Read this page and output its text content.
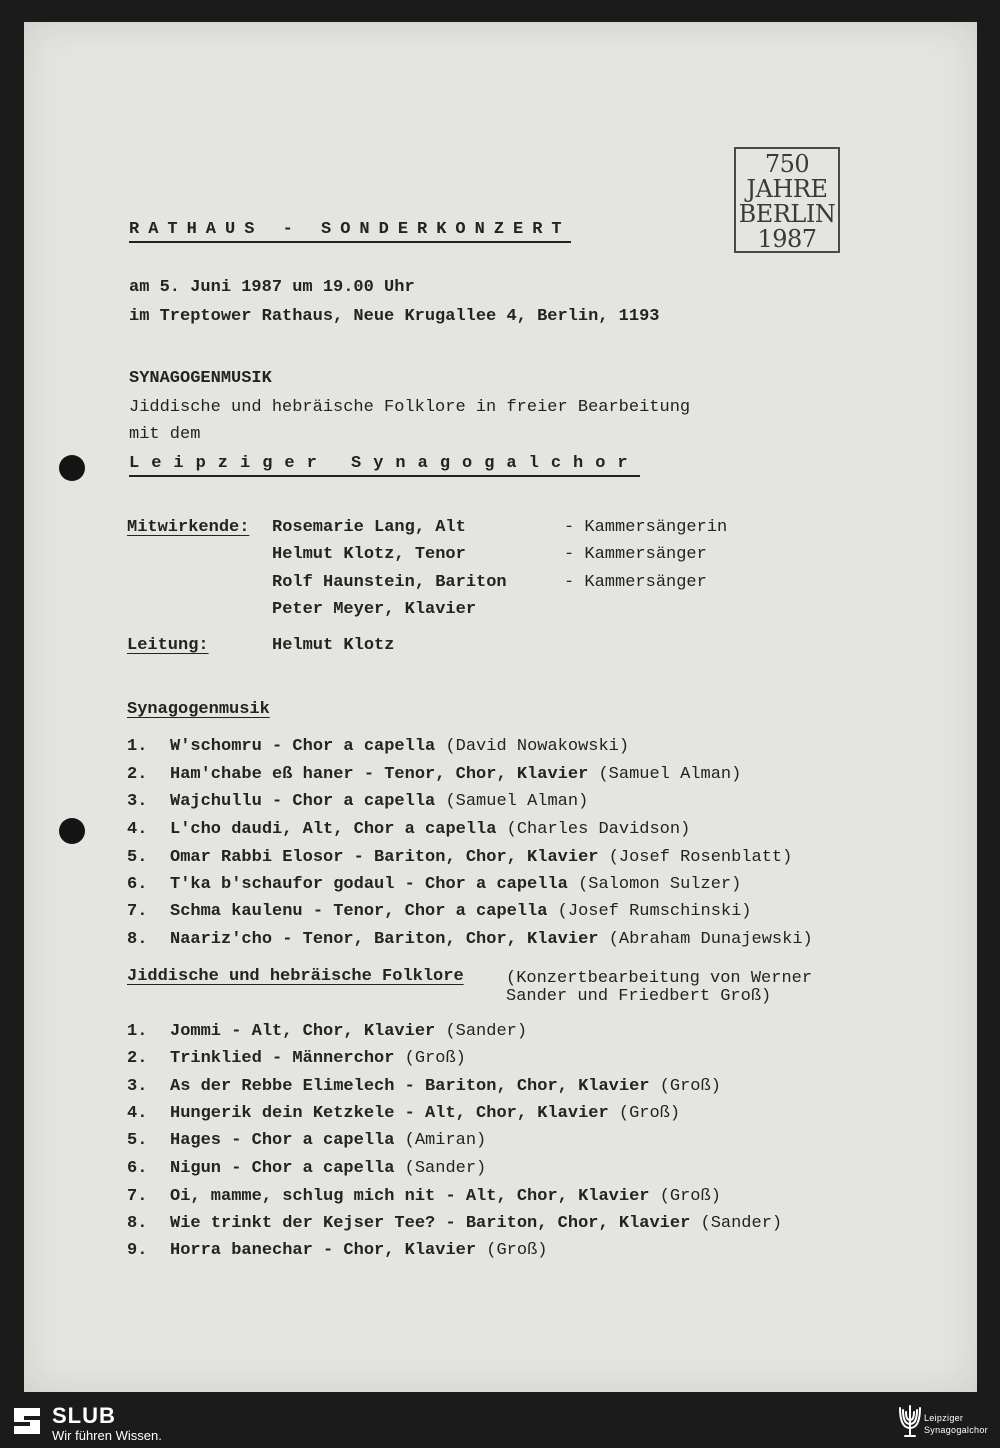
750
JAHRE
BERLIN
1987
RATHAUS - SONDERKONZERT
am 5. Juni 1987 um 19.00 Uhr
im Treptower Rathaus, Neue Krugallee 4, Berlin, 1193
SYNAGOGENMUSIK
Jiddische und hebräische Folklore in freier Bearbeitung
mit dem
Leipziger Synagogalchor
Mitwirkende: Rosemarie Lang, Alt	- Kammersängerin
Helmut Klotz, Tenor	- Kammersänger
Rolf Haunstein, Bariton	- Kammersänger
Peter Meyer, Klavier
Leitung:	Helmut Klotz
Synagogenmusik
1. W'schomru - Chor a capella (David Nowakowski)
2. Ham'chabe eß haner - Tenor, Chor, Klavier (Samuel Alman)
3. Wajchullu - Chor a capella (Samuel Alman)
4. L'cho daudi, Alt, Chor a capella (Charles Davidson)
5. Omar Rabbi Elosor - Bariton, Chor, Klavier (Josef Rosenblatt)
6. T'ka b'schaufor godaul - Chor a capella (Salomon Sulzer)
7. Schma kaulenu - Tenor, Chor a capella (Josef Rumschinski)
8. Naariz'cho - Tenor, Bariton, Chor, Klavier (Abraham Dunajewski)
Jiddische und hebräische Folklore (Konzertbearbeitung von Werner
Sander und Friedbert Groß)
1. Jommi - Alt, Chor, Klavier (Sander)
2. Trinklied - Männerchor (Groß)
3. As der Rebbe Elimelech - Bariton, Chor, Klavier (Groß)
4. Hungerik dein Ketzkele - Alt, Chor, Klavier (Groß)
5. Hages - Chor a capella (Amiran)
6. Nigun - Chor a capella (Sander)
7. Oi, mamme, schlug mich nit - Alt, Chor, Klavier (Groß)
8. Wie trinkt der Kejser Tee? - Bariton, Chor, Klavier (Sander)
9. Horra banechar - Chor, Klavier (Groß)
SLUB
Wir führen Wissen.
Leipziger
Synagogalchor
